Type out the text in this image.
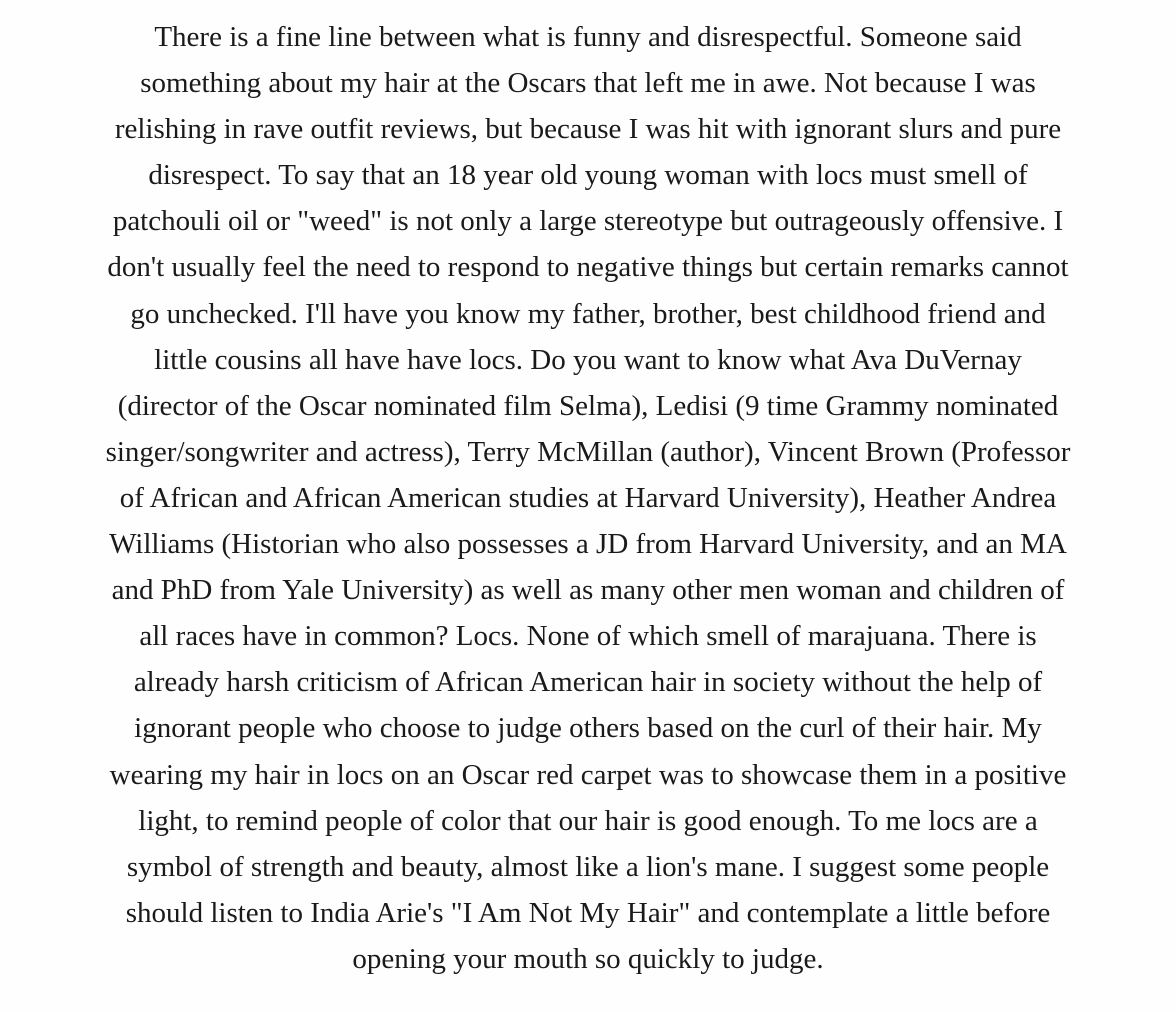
There is a fine line between what is funny and disrespectful. Someone said
something about my hair at the Oscars that left me in awe. Not because I was
relishing in rave outfit reviews, but because I was hit with ignorant slurs and pure
disrespect. To say that an 18 year old young woman with locs must smell of
patchouli oil or "weed" is not only a large stereotype but outrageously offensive. I
don't usually feel the need to respond to negative things but certain remarks cannot
go unchecked. I'll have you know my father, brother, best childhood friend and
little cousins all have have locs. Do you want to know what Ava DuVernay
(director of the Oscar nominated film Selma), Ledisi (9 time Grammy nominated
singer/songwriter and actress), Terry McMillan (author), Vincent Brown (Professor
of African and African American studies at Harvard University), Heather Andrea
Williams (Historian who also possesses a JD from Harvard University, and an MA
and PhD from Yale University) as well as many other men woman and children of
all races have in common? Locs. None of which smell of marajuana. There is
already harsh criticism of African American hair in society without the help of
ignorant people who choose to judge others based on the curl of their hair. My
wearing my hair in locs on an Oscar red carpet was to showcase them in a positive
light, to remind people of color that our hair is good enough. To me locs are a
symbol of strength and beauty, almost like a lion's mane. I suggest some people
should listen to India Arie's "I Am Not My Hair" and contemplate a little before
opening your mouth so quickly to judge.
